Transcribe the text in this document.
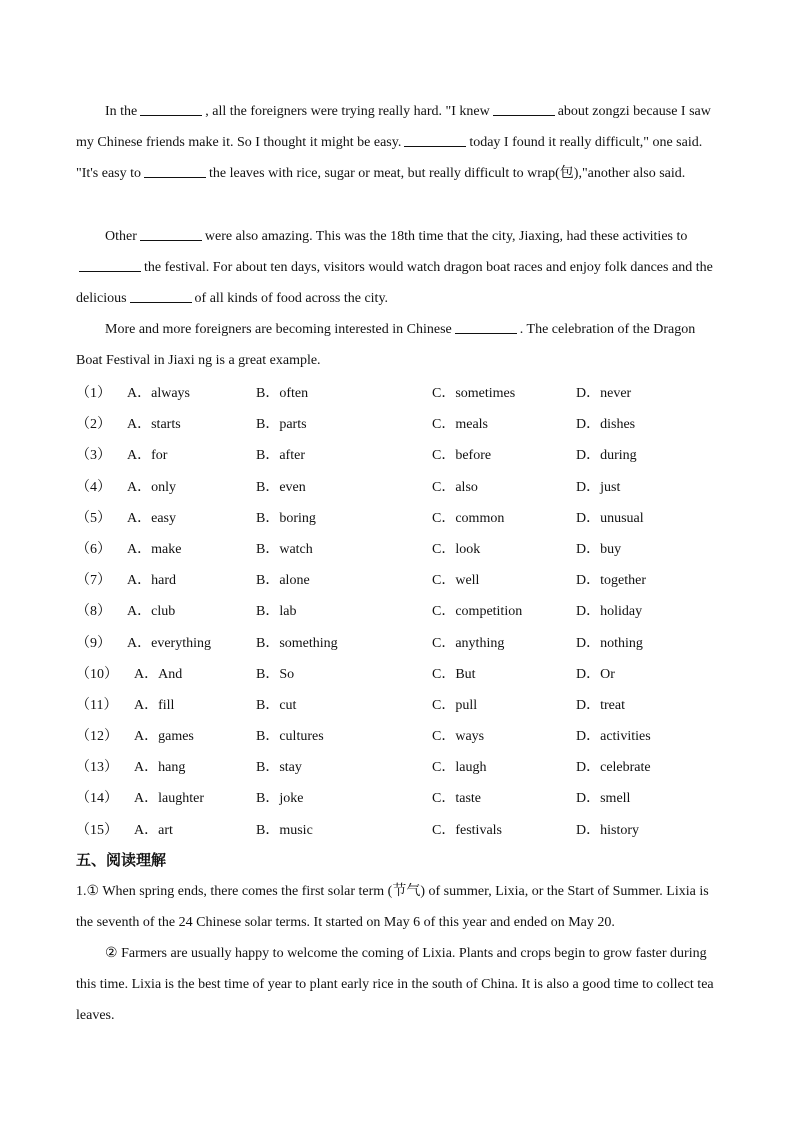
In the	, all the foreigners were trying really hard. "I knew	about zongzi because I saw my Chinese friends make it. So I thought it might be easy.	today I found it really difficult," one said. "It's easy to	the leaves with rice, sugar or meat, but really difficult to wrap(包),"another also said.

Other	were also amazing. This was the 18th time that the city, Jiaxing, had these activities tothe festival. For about ten days, visitors would watch dragon boat races and enjoy folk dances and the delicious	of all kinds of food across the city.

More and more foreigners are becoming interested in Chinese	. The celebration of the Dragon Boat Festival in Jiaxi ng is a great example.

（1） A．always	B．often	C．sometimes	D．never
（2） A．starts	B．parts	C．meals	D．dishes
（3） A．for	B．after	C．before	D．during
（4） A．only	B．even	C．also	D．just
（5） A．easy	B．boring	C．common	D．unusual
（6） A．make	B．watch	C．look	D．buy
（7） A．hard	B．alone	C．well	D．together
（8） A．club	B．lab	C．competition	D．holiday
（9） A．everything	B．something	C．anything	D．nothing
（10） A．And	B．So	C．But	D．Or
（11） A．fill	B．cut	C．pull	D．treat
（12） A．games	B．cultures	C．ways	D．activities
（13） A．hang	B．stay	C．laugh	D．celebrate
（14） A．laughter	B．joke	C．taste	D．smell
（15） A．art	B．music	C．festivals	D．history

五、阅读理解

1.① When spring ends, there comes the first solar term (节气) of summer, Lixia, or the Start of Summer. Lixia is the seventh of the 24 Chinese solar terms. It started on May 6 of this year and ended on May 20.

② Farmers are usually happy to welcome the coming of Lixia. Plants and crops begin to grow faster during this time. Lixia is the best time of year to plant early rice in the south of China. It is also a good time to collect tea leaves.
